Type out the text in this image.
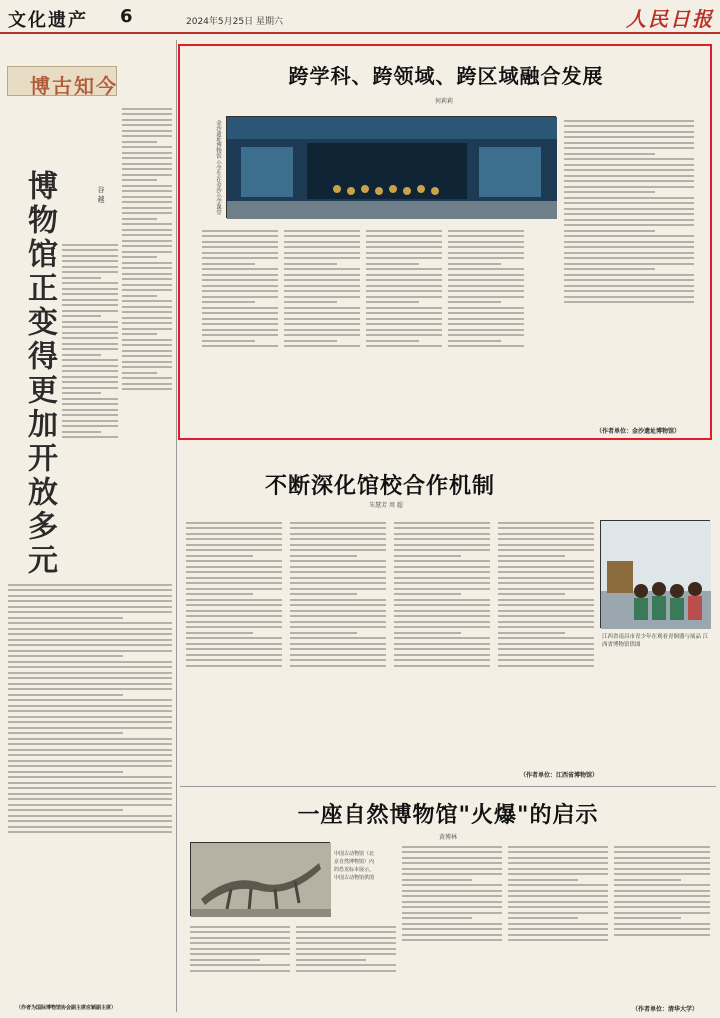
文化遗产 6	2024年5月25日 星期六	人民日报
博古知今
博物馆正变得更加开放多元	谷 越
（作者为国际博物馆协会副主席应颖副主席）
跨学科、跨领域、跨区域融合发展
何莉莉
金沙遗址博物馆 小学生在金沙小学课堂
（作者单位：金沙遗址博物馆）
不断深化馆校合作机制
朱慧芳 周 超
江西省南昌市青少年在观看青铜器与展品 江西省博物馆供图
（作者单位：江西省博物馆）
一座自然博物馆"火爆"的启示
黄博林
中国古动物馆（北京自然博物馆）内的恐龙标本展示。 中国古动物馆供图
（作者单位：清华大学）
